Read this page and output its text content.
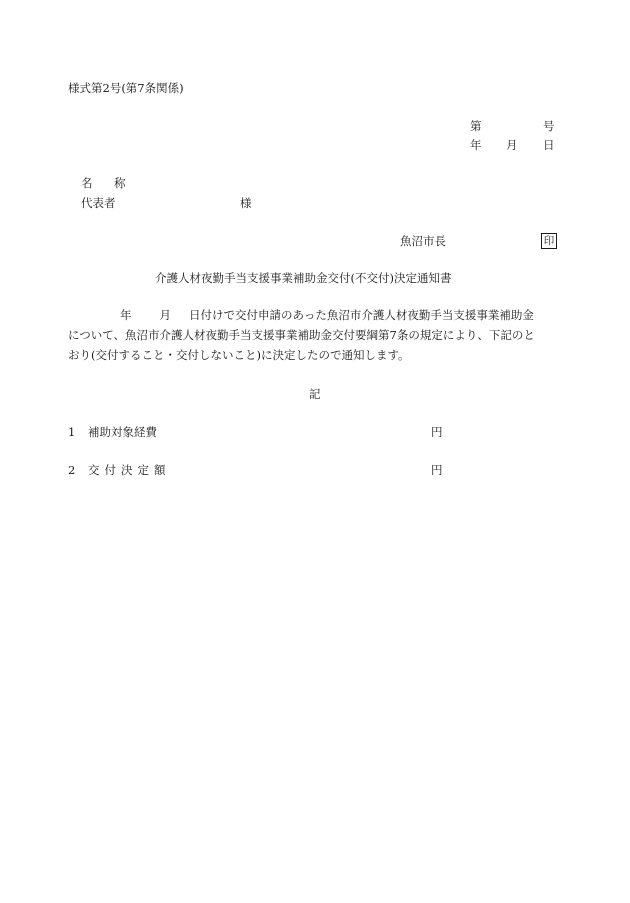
様式第2号(第7条関係)
第	号
年 月 日
名　称
代表者	様
魚沼市長	印
介護人材夜勤手当支援事業補助金交付(不交付)決定通知書
年 月 日付けで交付申請のあった魚沼市介護人材夜勤手当支援事業補助金
について、魚沼市介護人材夜勤手当支援事業補助金交付要綱第7条の規定により、下記のと
おり(交付すること・交付しないこと)に決定したので通知します。
記
1 補助対象経費	円
2 交付決定額	円
